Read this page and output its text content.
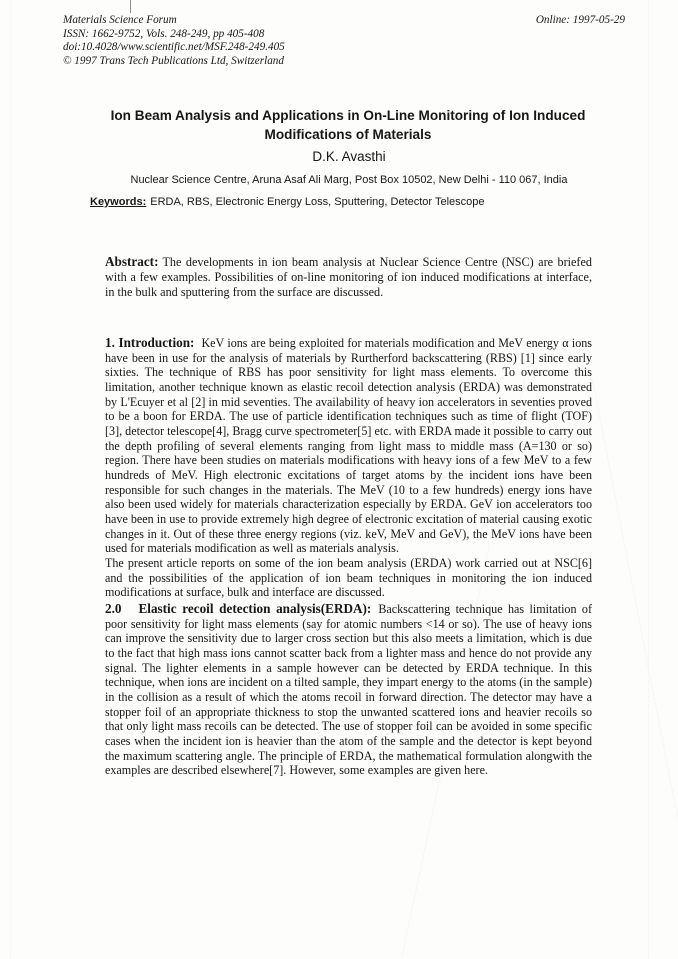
Materials Science Forum
ISSN: 1662-9752, Vols. 248-249, pp 405-408
doi:10.4028/www.scientific.net/MSF.248-249.405
© 1997 Trans Tech Publications Ltd, Switzerland
Online: 1997-05-29
Ion Beam Analysis and Applications in On-Line Monitoring of Ion Induced Modifications of Materials
D.K. Avasthi
Nuclear Science Centre, Aruna Asaf Ali Marg, Post Box 10502, New Delhi - 110 067, India
Keywords: ERDA, RBS, Electronic Energy Loss, Sputtering, Detector Telescope

Abstract: The developments in ion beam analysis at Nuclear Science Centre (NSC) are briefed with a few examples. Possibilities of on-line monitoring of ion induced modifications at interface, in the bulk and sputtering from the surface are discussed.

1. Introduction: KeV ions are being exploited for materials modification and MeV energy α ions have been in use for the analysis of materials by Rurtherford backscattering (RBS) [1] since early sixties. The technique of RBS has poor sensitivity for light mass elements. To overcome this limitation, another technique known as elastic recoil detection analysis (ERDA) was demonstrated by L'Ecuyer et al [2] in mid seventies. The availability of heavy ion accelerators in seventies proved to be a boon for ERDA. The use of particle identification techniques such as time of flight (TOF) [3], detector telescope[4], Bragg curve spectrometer[5] etc. with ERDA made it possible to carry out the depth profiling of several elements ranging from light mass to middle mass (A=130 or so) region. There have been studies on materials modifications with heavy ions of a few MeV to a few hundreds of MeV. High electronic excitations of target atoms by the incident ions have been responsible for such changes in the materials. The MeV (10 to a few hundreds) energy ions have also been used widely for materials characterization especially by ERDA. GeV ion accelerators too have been in use to provide extremely high degree of electronic excitation of material causing exotic changes in it. Out of these three energy regions (viz. keV, MeV and GeV), the MeV ions have been used for materials modification as well as materials analysis.

The present article reports on some of the ion beam analysis (ERDA) work carried out at NSC[6] and the possibilities of the application of ion beam techniques in monitoring the ion induced modifications at surface, bulk and interface are discussed.

2.0 Elastic recoil detection analysis(ERDA): Backscattering technique has limitation of poor sensitivity for light mass elements (say for atomic numbers <14 or so). The use of heavy ions can improve the sensitivity due to larger cross section but this also meets a limitation, which is due to the fact that high mass ions cannot scatter back from a lighter mass and hence do not provide any signal. The lighter elements in a sample however can be detected by ERDA technique. In this technique, when ions are incident on a tilted sample, they impart energy to the atoms (in the sample) in the collision as a result of which the atoms recoil in forward direction. The detector may have a stopper foil of an appropriate thickness to stop the unwanted scattered ions and heavier recoils so that only light mass recoils can be detected. The use of stopper foil can be avoided in some specific cases when the incident ion is heavier than the atom of the sample and the detector is kept beyond the maximum scattering angle. The principle of ERDA, the mathematical formulation alongwith the examples are described elsewhere[7]. However, some examples are given here.
